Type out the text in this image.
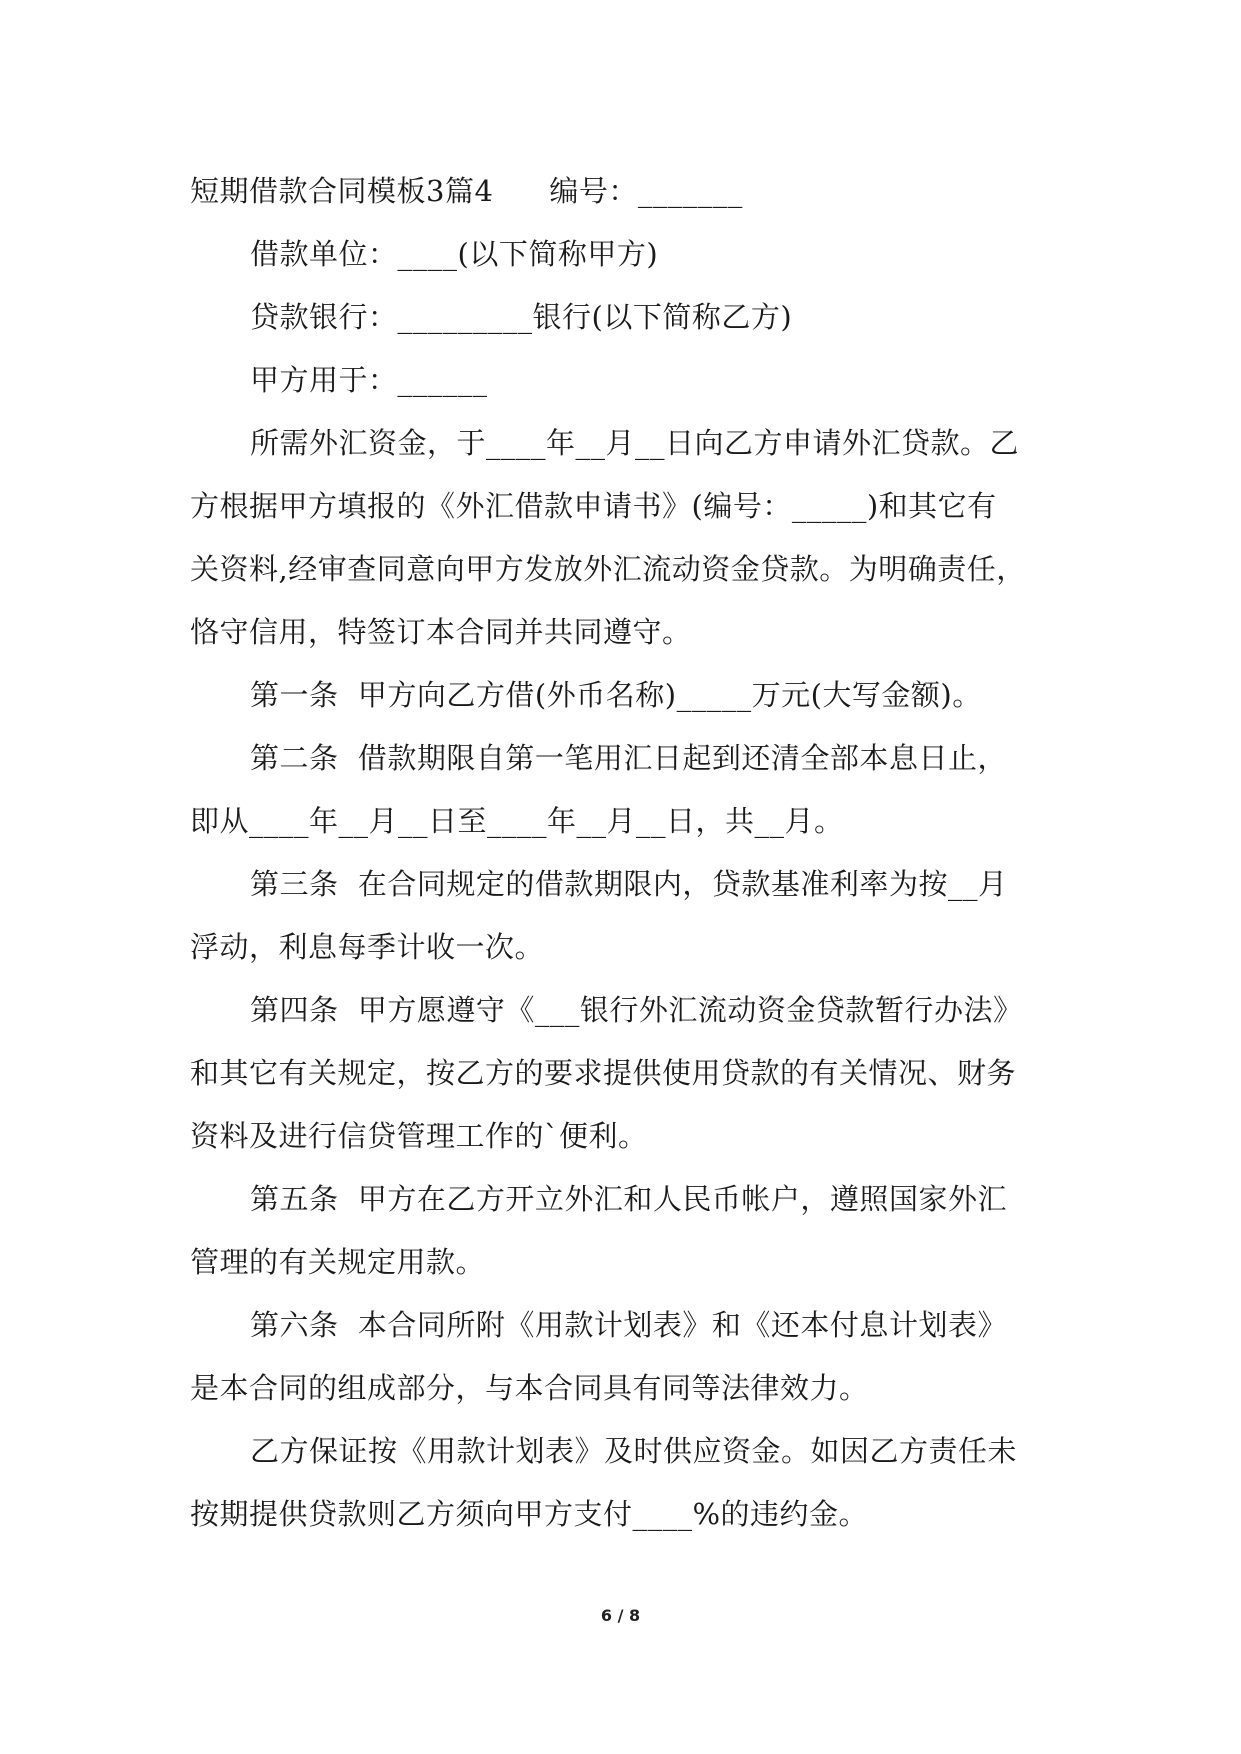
短期借款合同模板3篇4 编号：_______
借款单位：____(以下简称甲方)
贷款银行：_________银行(以下简称乙方)
甲方用于：______
所需外汇资金，于____年__月__日向乙方申请外汇贷款。乙
方根据甲方填报的《外汇借款申请书》(编号：_____)和其它有
关资料,经审查同意向甲方发放外汇流动资金贷款。为明确责任，
恪守信用，特签订本合同并共同遵守。
第一条  甲方向乙方借(外币名称)_____万元(大写金额)。
第二条  借款期限自第一笔用汇日起到还清全部本息日止，
即从____年__月__日至____年__月__日，共__月。
第三条  在合同规定的借款期限内，贷款基准利率为按__月
浮动，利息每季计收一次。
第四条  甲方愿遵守《___银行外汇流动资金贷款暂行办法》
和其它有关规定，按乙方的要求提供使用贷款的有关情况、财务
资料及进行信贷管理工作的`便利。
第五条  甲方在乙方开立外汇和人民币帐户，遵照国家外汇
管理的有关规定用款。
第六条  本合同所附《用款计划表》和《还本付息计划表》
是本合同的组成部分，与本合同具有同等法律效力。
乙方保证按《用款计划表》及时供应资金。如因乙方责任未
按期提供贷款则乙方须向甲方支付____%的违约金。
6 / 8
